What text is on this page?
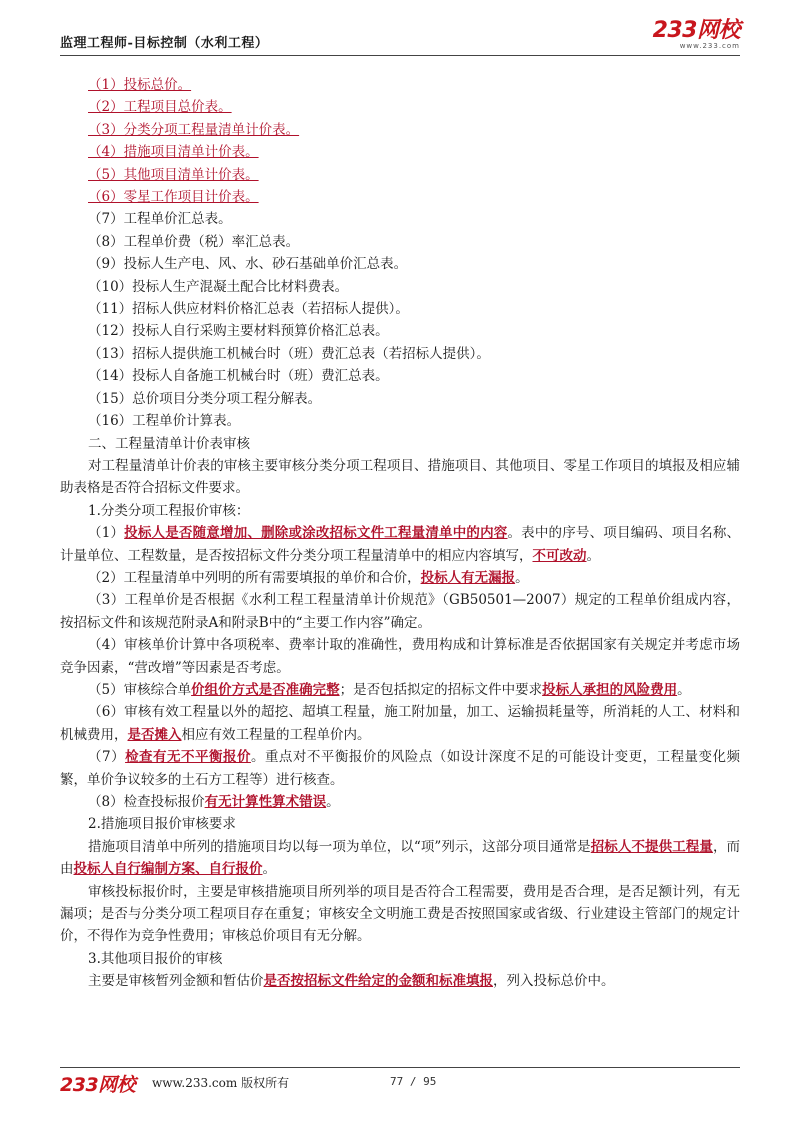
监理工程师-目标控制（水利工程）
233网校
www.233.com

（1）投标总价。

（2）工程项目总价表。

（3）分类分项工程量清单计价表。

（4）措施项目清单计价表。

（5）其他项目清单计价表。

（6）零星工作项目计价表。

（7）工程单价汇总表。

（8）工程单价费（税）率汇总表。

（9）投标人生产电、风、水、砂石基础单价汇总表。

（10）投标人生产混凝土配合比材料费表。

（11）招标人供应材料价格汇总表（若招标人提供）。

（12）投标人自行采购主要材料预算价格汇总表。

（13）招标人提供施工机械台时（班）费汇总表（若招标人提供）。

（14）投标人自备施工机械台时（班）费汇总表。

（15）总价项目分类分项工程分解表。

（16）工程单价计算表。

二、工程量清单计价表审核

对工程量清单计价表的审核主要审核分类分项工程项目、措施项目、其他项目、零星工作项目的填报及相应辅助表格是否符合招标文件要求。

1.分类分项工程报价审核：

（1）投标人是否随意增加、删除或涂改招标文件工程量清单中的内容。表中的序号、项目编码、项目名称、计量单位、工程数量，是否按招标文件分类分项工程量清单中的相应内容填写，不可改动。

（2）工程量清单中列明的所有需要填报的单价和合价，投标人有无漏报。

（3）工程单价是否根据《水利工程工程量清单计价规范》（GB50501—2007）规定的工程单价组成内容，按招标文件和该规范附录A和附录B中的“主要工作内容”确定。

（4）审核单价计算中各项税率、费率计取的准确性，费用构成和计算标准是否依据国家有关规定并考虑市场竞争因素，“营改增”等因素是否考虑。

（5）审核综合单价组价方式是否准确完整；是否包括拟定的招标文件中要求投标人承担的风险费用。

（6）审核有效工程量以外的超挖、超填工程量，施工附加量，加工、运输损耗量等，所消耗的人工、材料和机械费用，是否摊入相应有效工程量的工程单价内。

（7）检查有无不平衡报价。重点对不平衡报价的风险点（如设计深度不足的可能设计变更，工程量变化频繁，单价争议较多的土石方工程等）进行核查。

（8）检查投标报价有无计算性算术错误。

2.措施项目报价审核要求

措施项目清单中所列的措施项目均以每一项为单位，以“项”列示，这部分项目通常是招标人不提供工程量，而由投标人自行编制方案、自行报价。

审核投标报价时，主要是审核措施项目所列举的项目是否符合工程需要，费用是否合理，是否足额计列，有无漏项；是否与分类分项工程项目存在重复；审核安全文明施工费是否按照国家或省级、行业建设主管部门的规定计价，不得作为竞争性费用；审核总价项目有无分解。

3.其他项目报价的审核

主要是审核暂列金额和暂估价是否按招标文件给定的金额和标准填报，列入投标总价中。

233网校 www.233.com 版权所有	77 / 95
